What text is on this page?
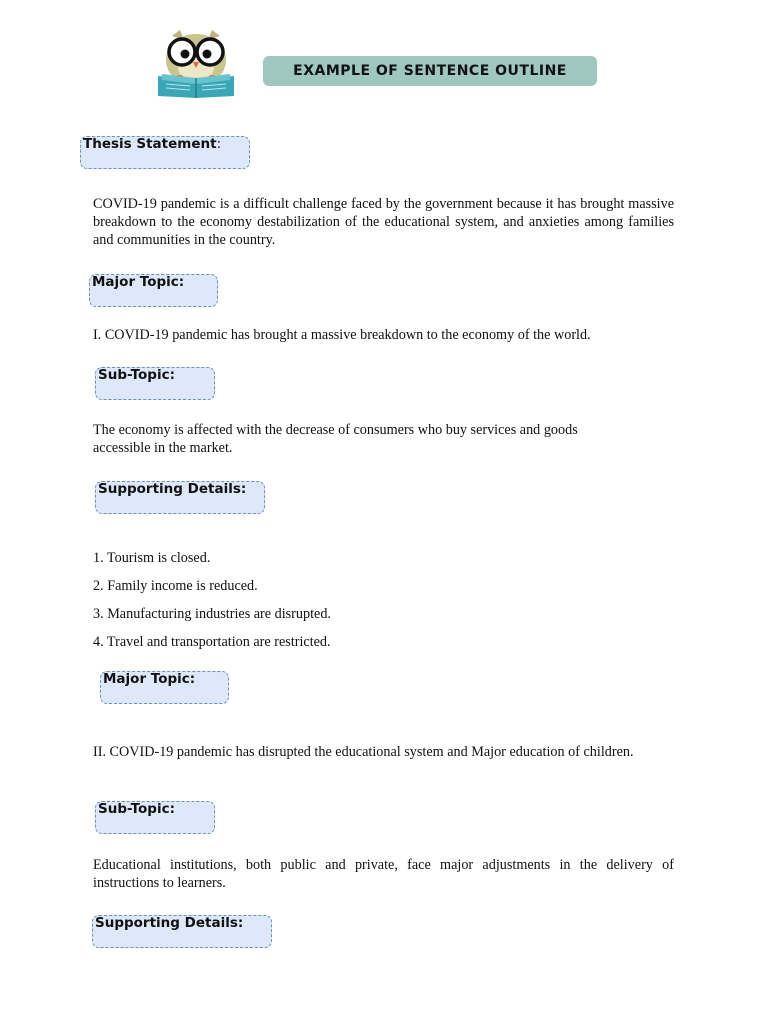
EXAMPLE OF SENTENCE OUTLINE
Thesis Statement:

COVID-19 pandemic is a difficult challenge faced by the government because it has brought massive breakdown to the economy destabilization of the educational system, and anxieties among families and communities in the country.

Major Topic:

I. COVID-19 pandemic has brought a massive breakdown to the economy of the world.

Sub-Topic:

The economy is affected with the decrease of consumers who buy services and goods accessible in the market.

Supporting Details:

1. Tourism is closed.

2. Family income is reduced.

3. Manufacturing industries are disrupted.

4. Travel and transportation are restricted.

Major Topic:

II. COVID-19 pandemic has disrupted the educational system and Major education of children.

Sub-Topic:

Educational institutions, both public and private, face major adjustments in the delivery of instructions to learners.

Supporting Details:
